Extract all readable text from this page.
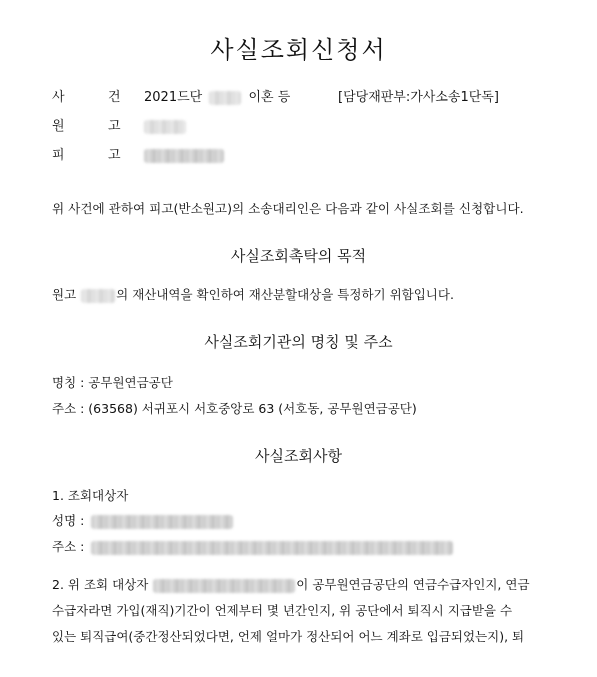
사실조회신청서
사	건 2021드단	이혼 등	[담당재판부:가사소송1단독]
원	고
피	고
위 사건에 관하여 피고(반소원고)의 소송대리인은 다음과 같이 사실조회를 신청합니다.
사실조회촉탁의 목적
원고	의 재산내역을 확인하여 재산분할대상을 특정하기 위함입니다.
사실조회기관의 명칭 및 주소
명칭 : 공무원연금공단
주소 : (63568) 서귀포시 서호중앙로 63 (서호동, 공무원연금공단)
사실조회사항
1. 조회대상자
성명 :
주소 :
2. 위 조회 대상자	이 공무원연금공단의 연금수급자인지, 연금
수급자라면 가입(재직)기간이 언제부터 몇 년간인지, 위 공단에서 퇴직시 지급받을 수
있는 퇴직급여(중간정산되었다면, 언제 얼마가 정산되어 어느 계좌로 입금되었는지), 퇴
